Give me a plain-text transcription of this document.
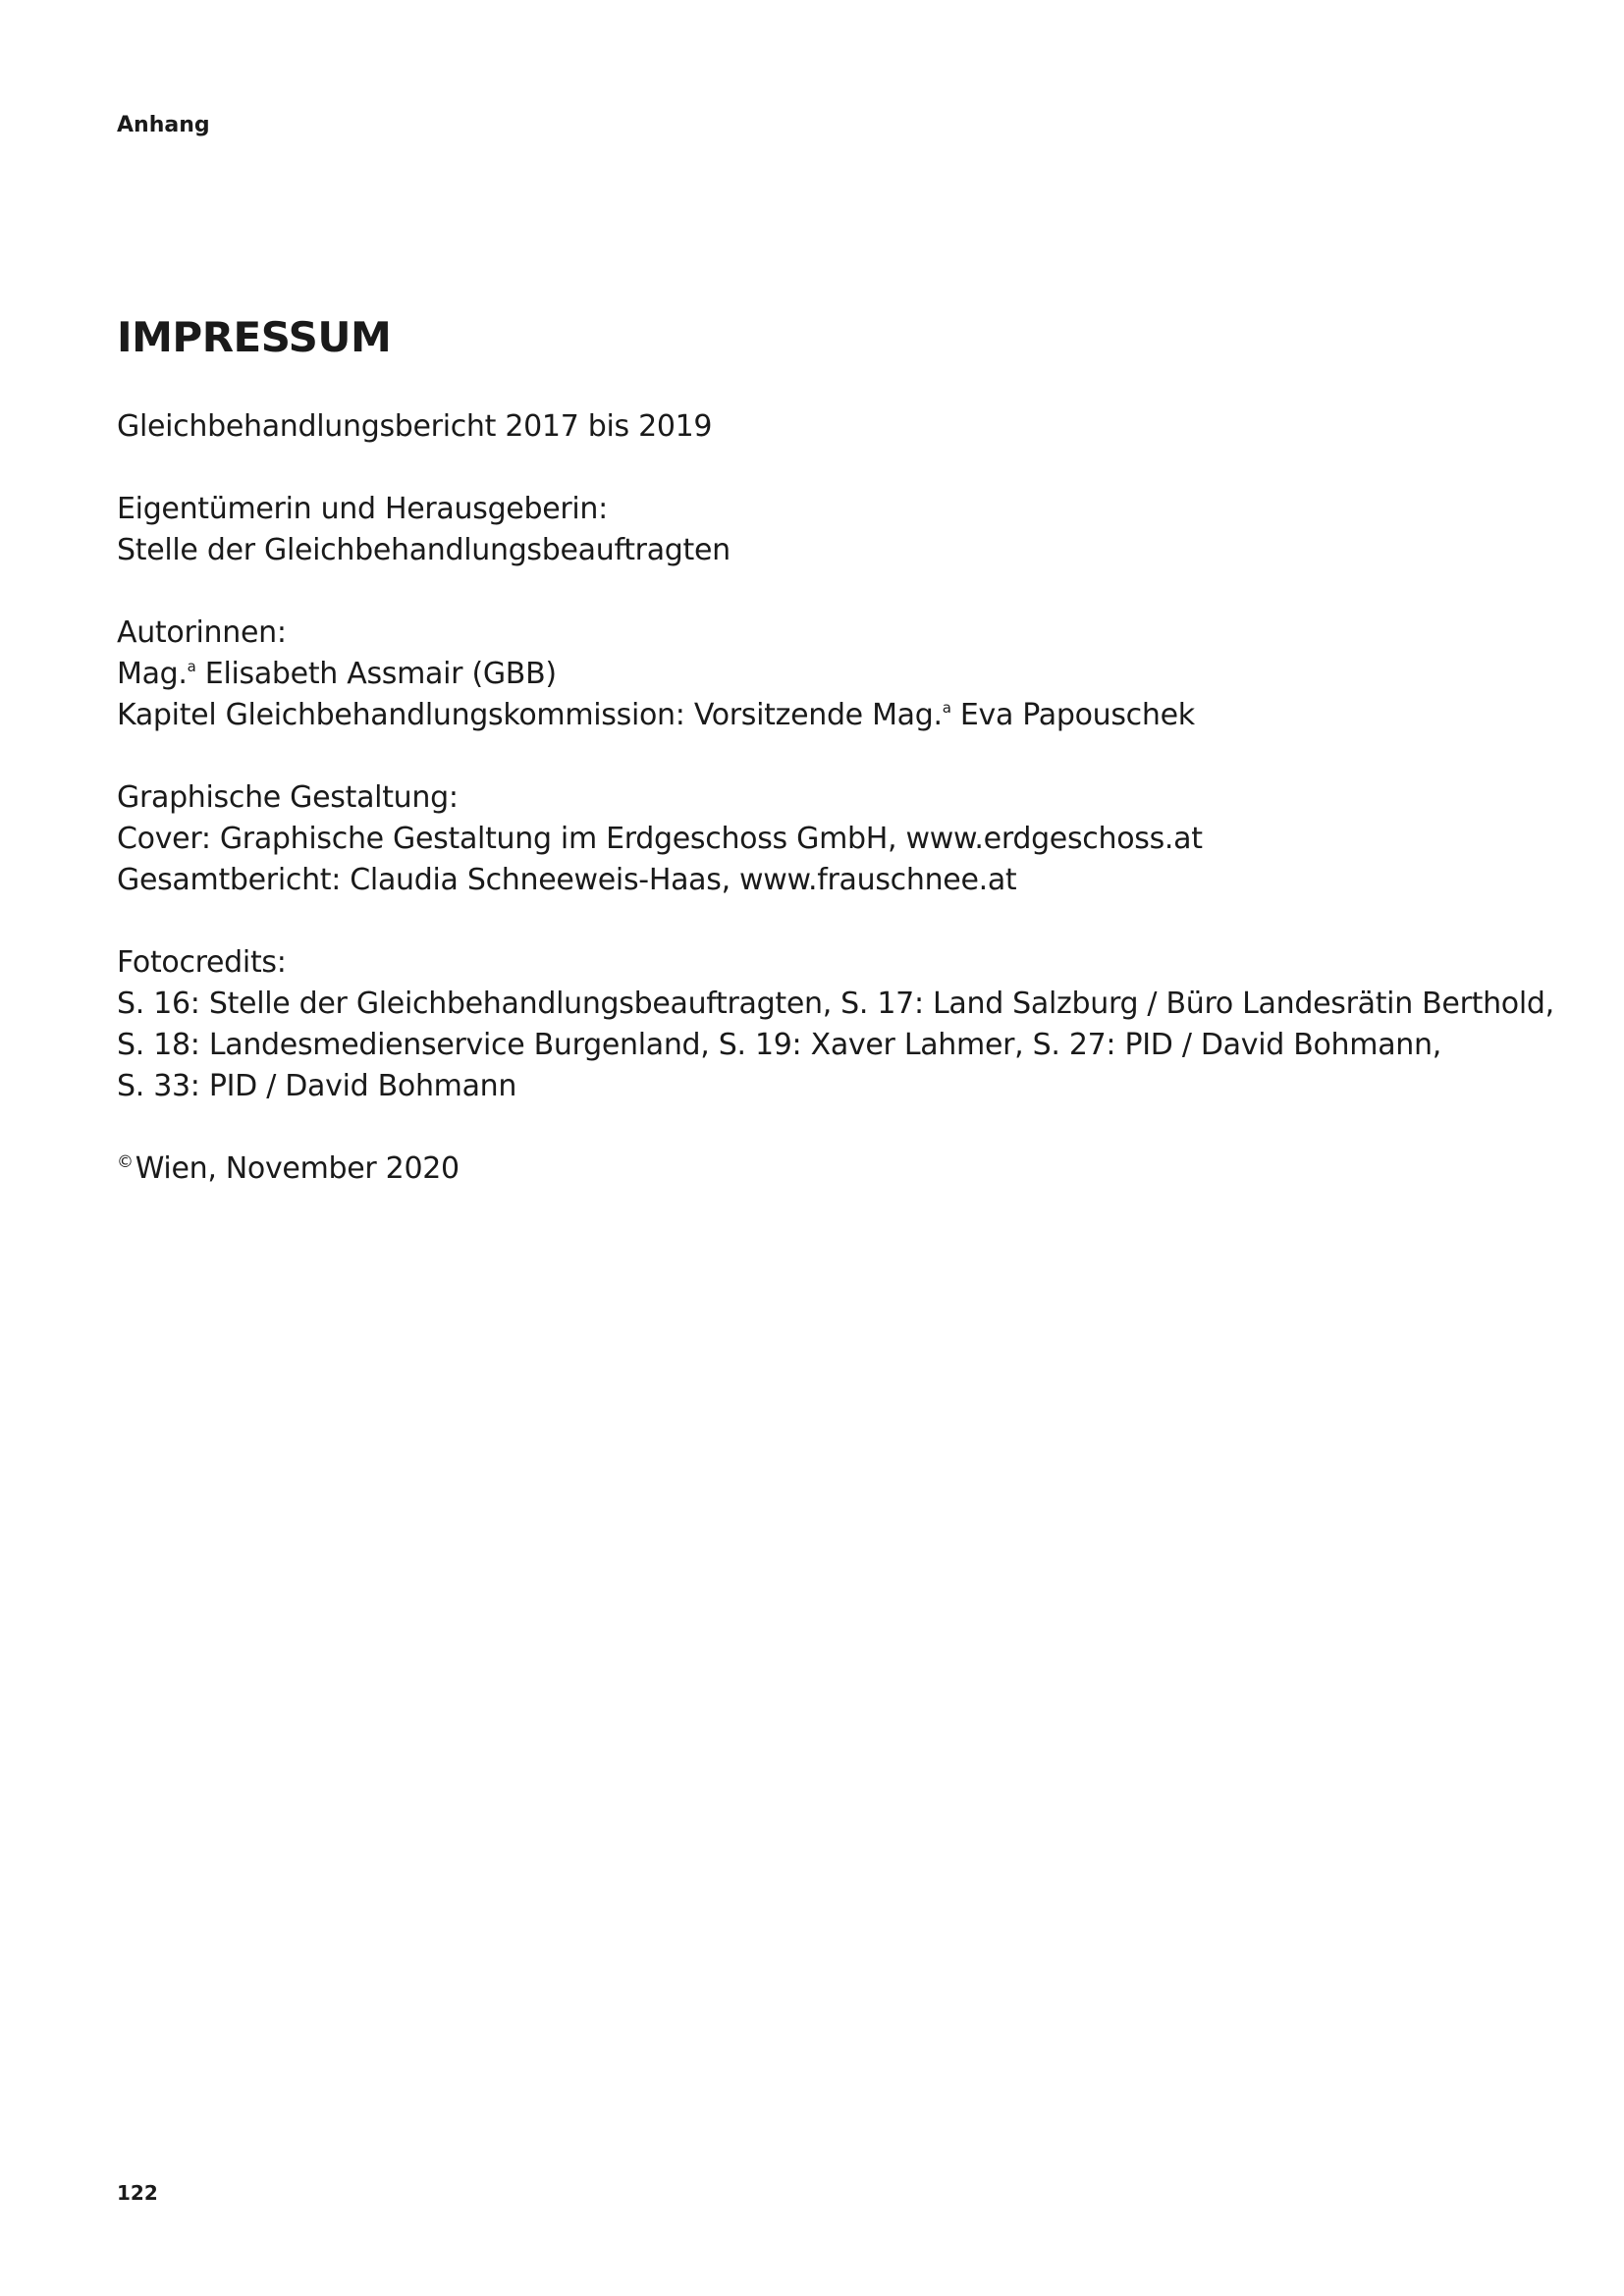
Anhang

IMPRESSUM

Gleichbehandlungsbericht 2017 bis 2019

Eigentümerin und Herausgeberin:
Stelle der Gleichbehandlungsbeauftragten
Autorinnen:
Mag.$^a$ Elisabeth Assmair (GBB)
Kapitel Gleichbehandlungskommission: Vorsitzende Mag.$^a$ Eva Papouschek
Graphische Gestaltung:
Cover: Graphische Gestaltung im Erdgeschoss GmbH, www.erdgeschoss.at
Gesamtbericht: Claudia Schneeweis-Haas, www.frauschnee.at
Fotocredits:
S. 16: Stelle der Gleichbehandlungsbeauftragten, S. 17: Land Salzburg / Büro Landesrätin Berthold,
S. 18: Landesmedienservice Burgenland, S. 19: Xaver Lahmer, S. 27: PID / David Bohmann,
S. 33: PID / David Bohmann

©Wien, November 2020

122
